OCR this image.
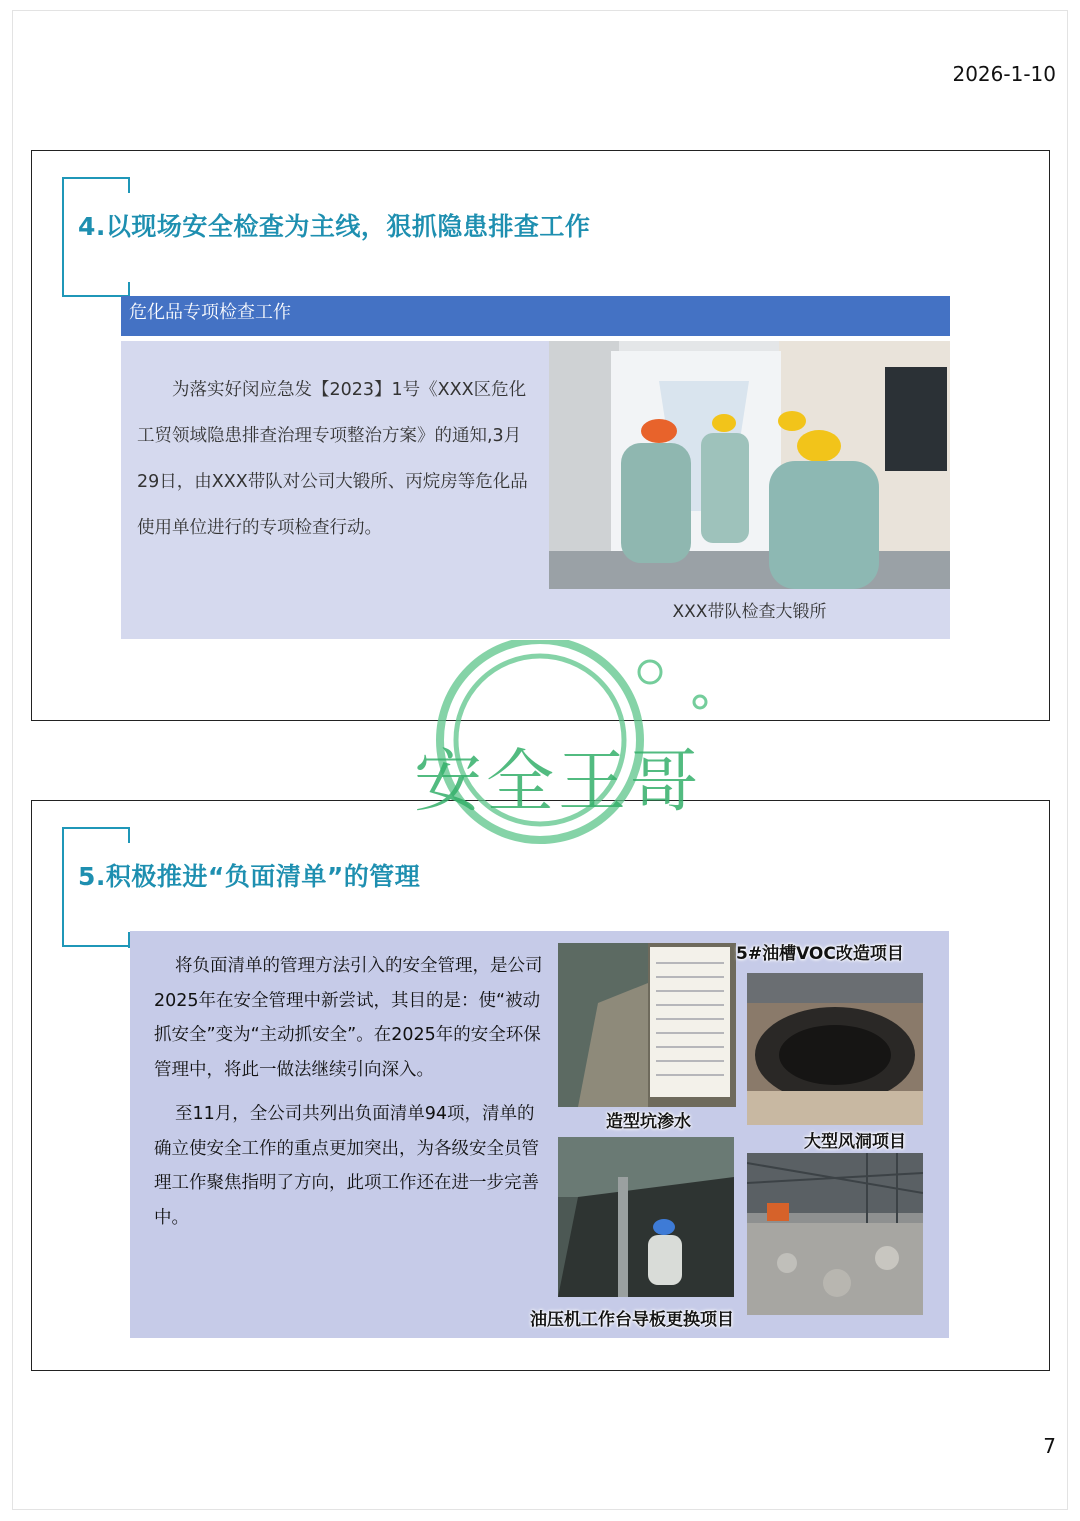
2026-1-10
4.以现场安全检查为主线，狠抓隐患排查工作
危化品专项检查工作
为落实好闵应急发【2023】1号《XXX区危化工贸领域隐患排查治理专项整治方案》的通知,3月29日，由XXX带队对公司大锻所、丙烷房等危化品使用单位进行的专项检查行动。
XXX带队检查大锻所
5.积极推进“负面清单”的管理

将负面清单的管理方法引入的安全管理，是公司2025年在安全管理中新尝试，其目的是：使“被动抓安全”变为“主动抓安全”。在2025年的安全环保管理中，将此一做法继续引向深入。

至11月，全公司共列出负面清单94项，清单的确立使安全工作的重点更加突出，为各级安全员管理工作聚焦指明了方向，此项工作还在进一步完善中。

造型坑渗水
5#油槽VOC改造项目
大型风洞项目
油压机工作台导板更换项目
安全王哥
7
